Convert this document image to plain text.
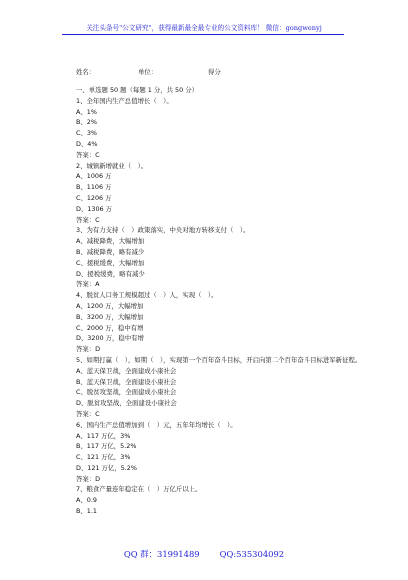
关注头条号"公文研究"，获得最新最全最专业的公文资料库！ 微信：gongwenyj
姓名：	单位：	得分
一、单选题 50 题（每题 1 分，共 50 分）
1、全年国内生产总值增长（　）。
A、1%
B、2%
C、3%
D、4%
答案：C
2、城镇新增就业（　）。
A、1006 万
B、1106 万
C、1206 万
D、1306 万
答案：C
3、为有力支持（　）政策落实，中央对地方转移支付（　）。
A、减税降费，大幅增加
B、减税降费，略有减少
C、援税缓费，大幅增加
D、援税缓费，略有减少
答案：A
4、脱贫人口务工规模超过（　）人，实现（　）。
A、1200 万，大幅增加
B、3200 万，大幅增加
C、2000 万，稳中有增
D、3200 万，稳中有增
答案：D
5、如期打赢（　），如期（　），实现第一个百年奋斗目标，开启向第二个百年奋斗目标进军新征程。
A、蓝天保卫战，全面建成小康社会
B、蓝天保卫战，全面建设小康社会
C、脱贫攻坚战，全面建成小康社会
D、脱贫攻坚战，全面建设小康社会
答案：C
6、国内生产总值增加到（　）元，五年年均增长（　）。
A、117 万亿，3%
B、117 万亿，5.2%
C、121 万亿，3%
D、121 万亿，5.2%
答案：D
7、粮食产量连年稳定在（　）万亿斤以上。
A、0.9
B、1.1
QQ 群：31991489 QQ:535304092
